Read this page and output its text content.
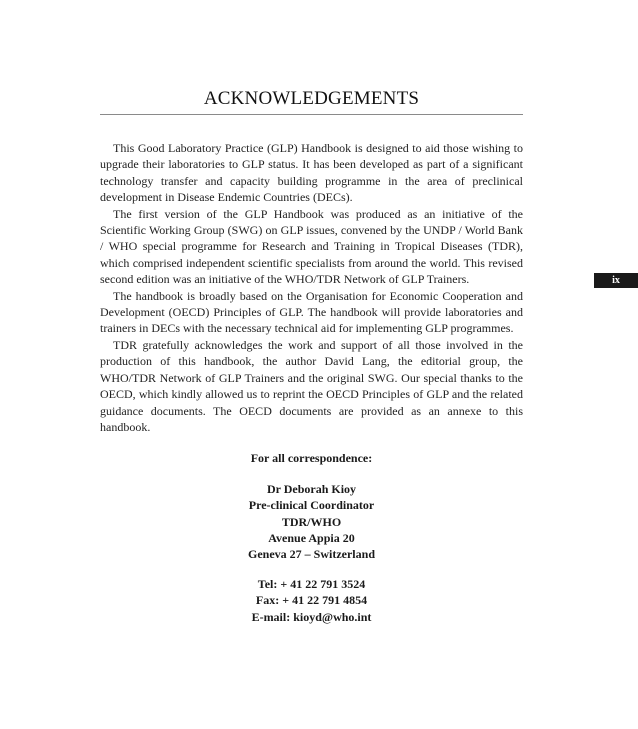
ACKNOWLEDGEMENTS

This Good Laboratory Practice (GLP) Handbook is designed to aid those wishing to upgrade their laboratories to GLP status. It has been developed as part of a significant technology transfer and capacity building programme in the area of preclinical development in Disease Endemic Countries (DECs).

The first version of the GLP Handbook was produced as an initiative of the Scientific Working Group (SWG) on GLP issues, convened by the UNDP / World Bank / WHO special programme for Research and Training in Tropical Diseases (TDR), which comprised independent scientific specialists from around the world. This revised second edition was an initiative of the WHO/TDR Network of GLP Trainers.

The handbook is broadly based on the Organisation for Economic Cooperation and Development (OECD) Principles of GLP. The handbook will provide laboratories and trainers in DECs with the necessary technical aid for implementing GLP programmes.

TDR gratefully acknowledges the work and support of all those involved in the production of this handbook, the author David Lang, the editorial group, the WHO/TDR Network of GLP Trainers and the original SWG. Our special thanks to the OECD, which kindly allowed us to reprint the OECD Principles of GLP and the related guidance documents. The OECD documents are provided as an annexe to this handbook.

ix
For all correspondence:
Dr Deborah Kioy
Pre-clinical Coordinator
TDR/WHO
Avenue Appia 20
Geneva 27 – Switzerland
Tel: + 41 22 791 3524
Fax: + 41 22 791 4854
E-mail: kioyd@who.int
